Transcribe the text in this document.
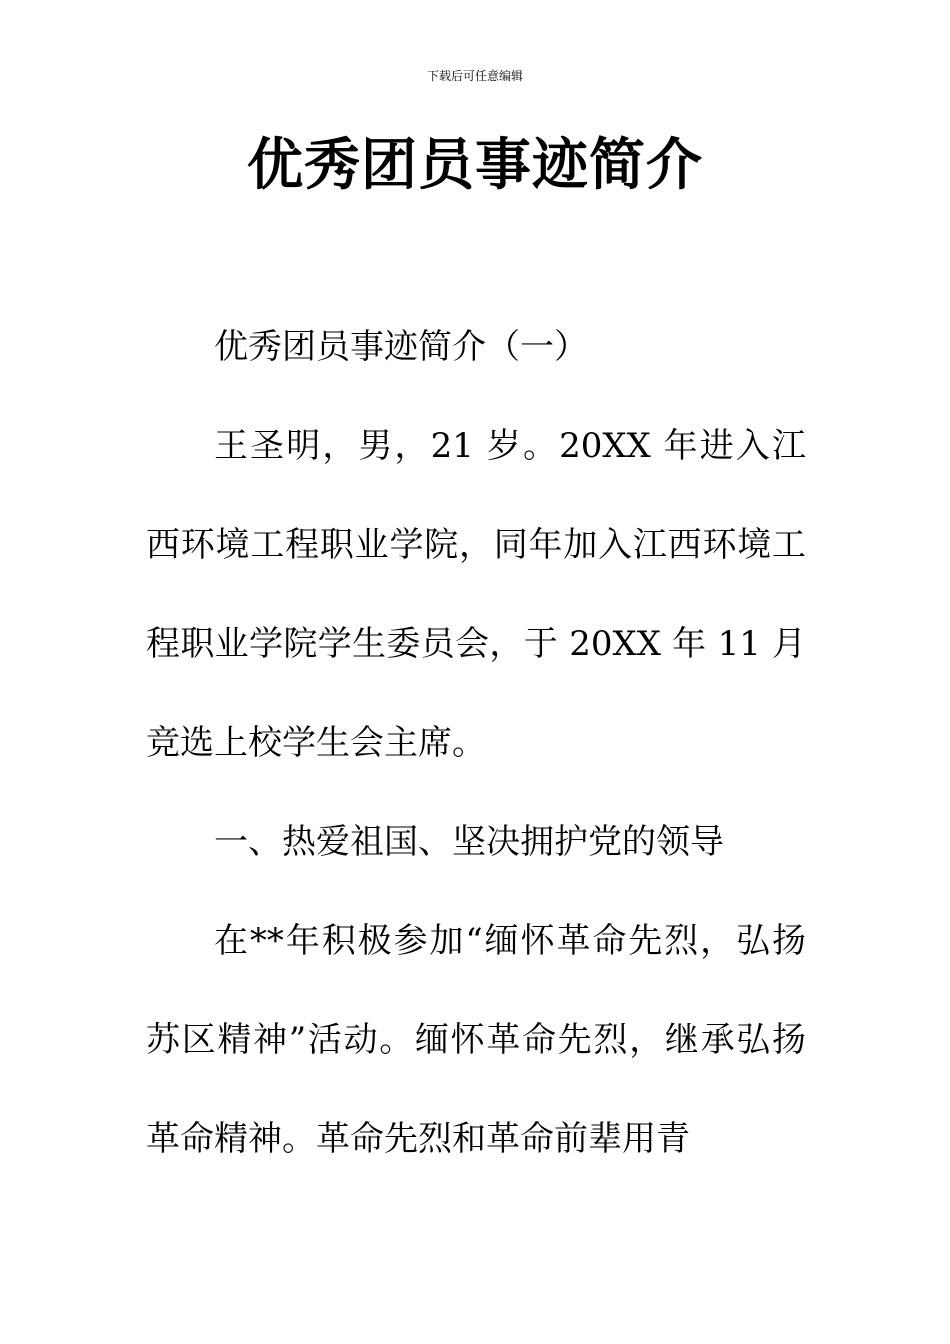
下载后可任意编辑
优秀团员事迹简介

优秀团员事迹简介（一）

王圣明，男，21 岁。20XX 年进入江西环境工程职业学院，同年加入江西环境工程职业学院学生委员会，于 20XX 年 11 月竞选上校学生会主席。

一、热爱祖国、坚决拥护党的领导

在**年积极参加“缅怀革命先烈，弘扬苏区精神”活动。缅怀革命先烈，继承弘扬革命精神。革命先烈和革命前辈用青
